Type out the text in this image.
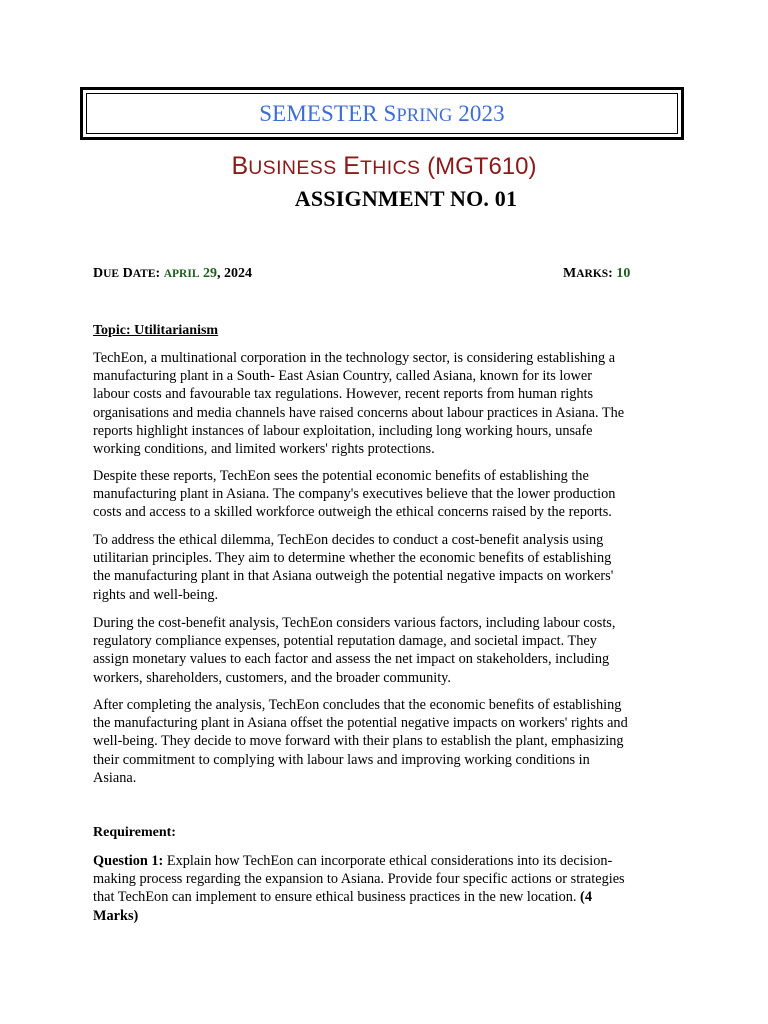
SEMESTER SPRING 2023
BUSINESS ETHICS (MGT610)
ASSIGNMENT NO. 01
DUE DATE: APRIL 29, 2024	MARKS: 10
Topic: Utilitarianism

TechEon, a multinational corporation in the technology sector, is considering establishing a
manufacturing plant in a South- East Asian Country, called Asiana, known for its lower
labour costs and favourable tax regulations. However, recent reports from human rights
organisations and media channels have raised concerns about labour practices in Asiana. The
reports highlight instances of labour exploitation, including long working hours, unsafe
working conditions, and limited workers' rights protections.

Despite these reports, TechEon sees the potential economic benefits of establishing the
manufacturing plant in Asiana. The company's executives believe that the lower production
costs and access to a skilled workforce outweigh the ethical concerns raised by the reports.

To address the ethical dilemma, TechEon decides to conduct a cost-benefit analysis using
utilitarian principles. They aim to determine whether the economic benefits of establishing
the manufacturing plant in that Asiana outweigh the potential negative impacts on workers'
rights and well-being.

During the cost-benefit analysis, TechEon considers various factors, including labour costs,
regulatory compliance expenses, potential reputation damage, and societal impact. They
assign monetary values to each factor and assess the net impact on stakeholders, including
workers, shareholders, customers, and the broader community.

After completing the analysis, TechEon concludes that the economic benefits of establishing
the manufacturing plant in Asiana offset the potential negative impacts on workers' rights and
well-being. They decide to move forward with their plans to establish the plant, emphasizing
their commitment to complying with labour laws and improving working conditions in
Asiana.

Requirement:

Question 1: Explain how TechEon can incorporate ethical considerations into its decision-
making process regarding the expansion to Asiana. Provide four specific actions or strategies
that TechEon can implement to ensure ethical business practices in the new location. (4
Marks)
